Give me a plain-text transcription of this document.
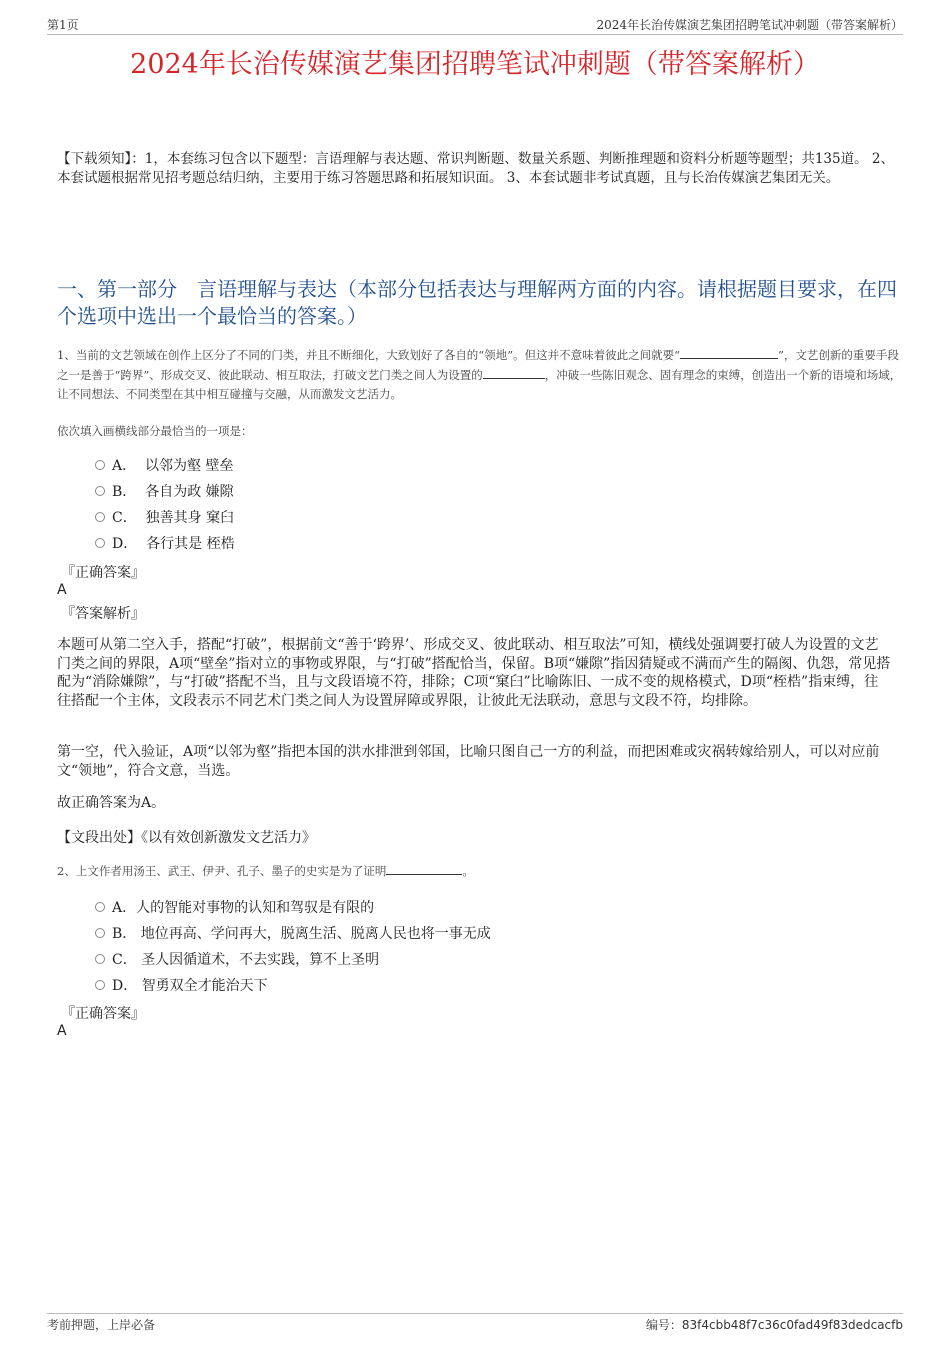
第1页	2024年长治传媒演艺集团招聘笔试冲刺题（带答案解析）
2024年长治传媒演艺集团招聘笔试冲刺题（带答案解析）
【下载须知】：1，本套练习包含以下题型：言语理解与表达题、常识判断题、数量关系题、判断推理题和资料分析题等题型；共135道。 2、本套试题根据常见招考题总结归纳，主要用于练习答题思路和拓展知识面。 3、本套试题非考试真题，且与长治传媒演艺集团无关。
一、第一部分　言语理解与表达（本部分包括表达与理解两方面的内容。请根据题目要求，在四个选项中选出一个最恰当的答案。）
1、当前的文艺领域在创作上区分了不同的门类，并且不断细化，大致划好了各自的“领地”。但这并不意味着彼此之间就要“	”，文艺创新的重要手段之一是善于“跨界”、形成交叉、彼此联动、相互取法，打破文艺门类之间人为设置的	，冲破一些陈旧观念、固有理念的束缚，创造出一个新的语境和场域，让不同想法、不同类型在其中相互碰撞与交融，从而激发文艺活力。
依次填入画横线部分最恰当的一项是：
A． 以邻为壑 壁垒
B． 各自为政 嫌隙
C． 独善其身 窠臼
D． 各行其是 桎梏
『正确答案』
A
『答案解析』
本题可从第二空入手，搭配“打破”，根据前文“善于‘跨界’、形成交叉、彼此联动、相互取法”可知，横线处强调要打破人为设置的文艺门类之间的界限，A项“壁垒”指对立的事物或界限，与“打破”搭配恰当，保留。B项“嫌隙”指因猜疑或不满而产生的隔阂、仇怨，常见搭配为“消除嫌隙”，与“打破”搭配不当，且与文段语境不符，排除；C项“窠臼”比喻陈旧、一成不变的规格模式，D项“桎梏”指束缚，往往搭配一个主体，文段表示不同艺术门类之间人为设置屏障或界限，让彼此无法联动，意思与文段不符，均排除。
第一空，代入验证，A项“以邻为壑”指把本国的洪水排泄到邻国，比喻只图自己一方的利益，而把困难或灾祸转嫁给别人，可以对应前文“领地”，符合文意，当选。
故正确答案为A。
【文段出处】《以有效创新激发文艺活力》
2、上文作者用汤王、武王、伊尹、孔子、墨子的史实是为了证明	。
A．人的智能对事物的认知和驾驭是有限的
B． 地位再高、学问再大，脱离生活、脱离人民也将一事无成
C． 圣人因循道术，不去实践，算不上圣明
D． 智勇双全才能治天下
『正确答案』
A
考前押题，上岸必备	编号：83f4cbb48f7c36c0fad49f83dedcacfb
